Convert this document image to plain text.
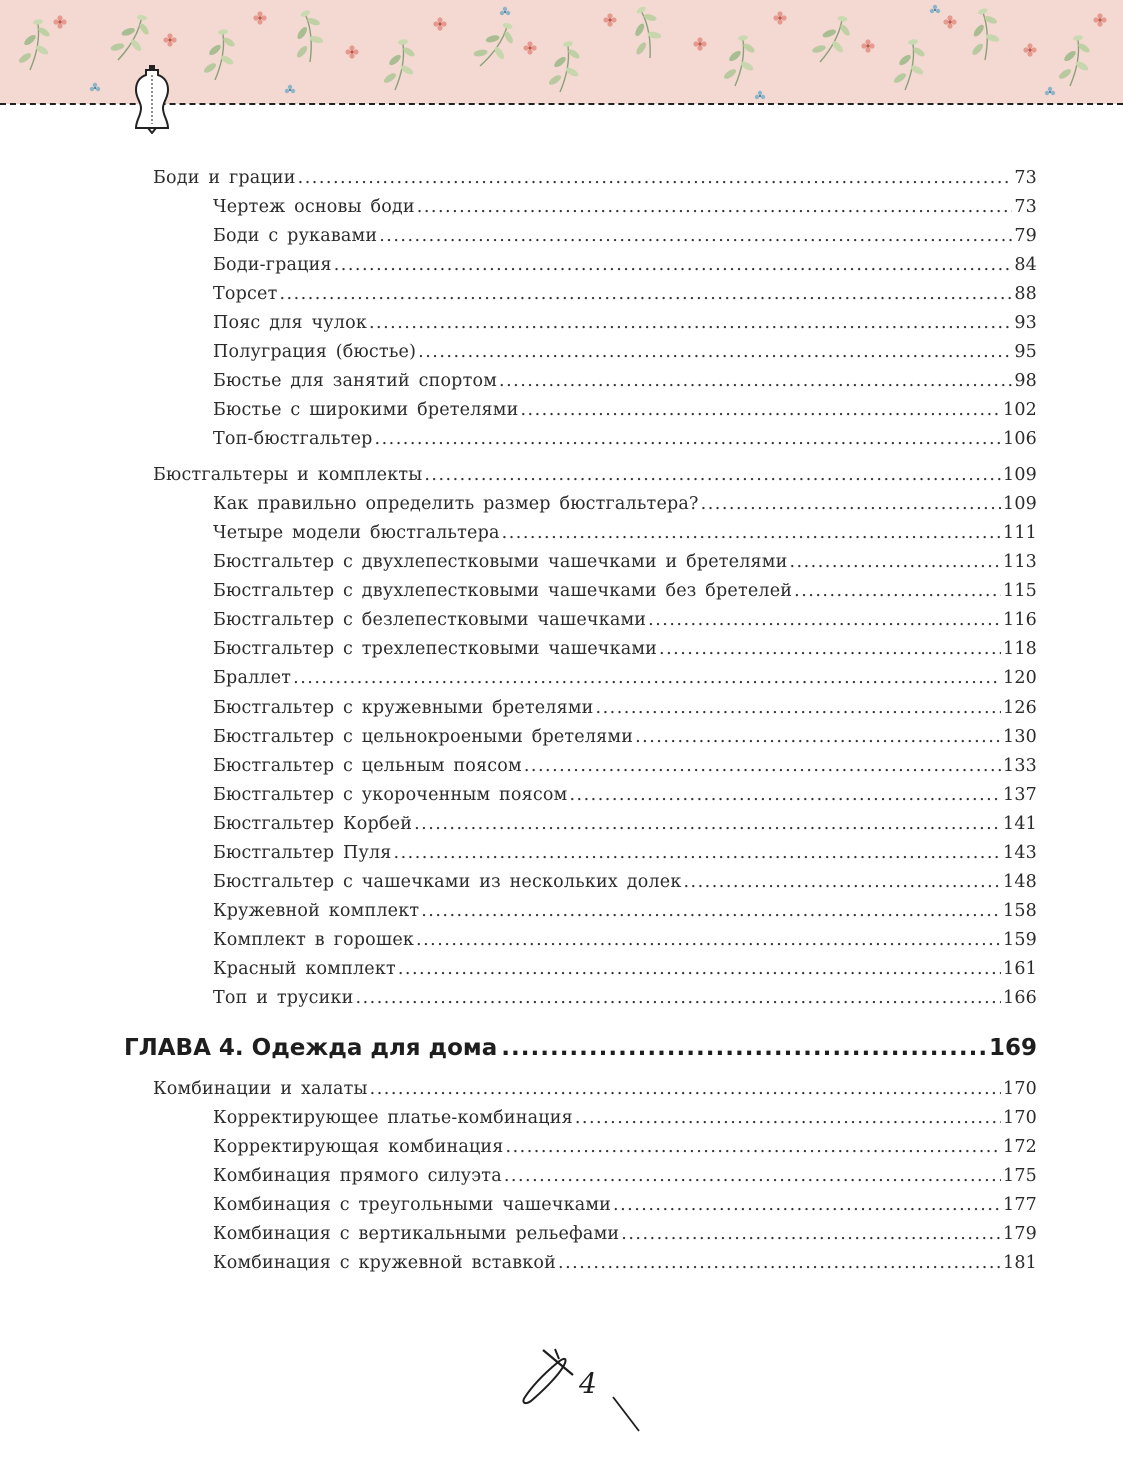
Боди и грации .....	73
Чертеж основы боди .....	73
Боди с рукавами .....	79
Боди-грация .....	84
Торсет .....	88
Пояс для чулок .....	93
Полуграция (бюстье) .....	95
Бюстье для занятий спортом .....	98
Бюстье с широкими бретелями .....	102
Топ-бюстгальтер .....	106
Бюстгальтеры и комплекты .....	109
Как правильно определить размер бюстгальтера? .....	109
Четыре модели бюстгальтера .....	111
Бюстгальтер с двухлепестковыми чашечками и бретелями .....	113
Бюстгальтер с двухлепестковыми чашечками без бретелей .....	115
Бюстгальтер с безлепестковыми чашечками .....	116
Бюстгальтер с трехлепестковыми чашечками .....	118
Браллет .....	120
Бюстгальтер с кружевными бретелями .....	126
Бюстгальтер с цельнокроеными бретелями .....	130
Бюстгальтер с цельным поясом .....	133
Бюстгальтер с укороченным поясом .....	137
Бюстгальтер Корбей .....	141
Бюстгальтер Пуля .....	143
Бюстгальтер с чашечками из нескольких долек .....	148
Кружевной комплект .....	158
Комплект в горошек .....	159
Красный комплект .....	161
Топ и трусики .....	166
ГЛАВА 4. Одежда для дома .....	169
Комбинации и халаты .....	170
Корректирующее платье-комбинация .....	170
Корректирующая комбинация .....	172
Комбинация прямого силуэта .....	175
Комбинация с треугольными чашечками .....	177
Комбинация с вертикальными рельефами .....	179
Комбинация с кружевной вставкой .....	181
4
